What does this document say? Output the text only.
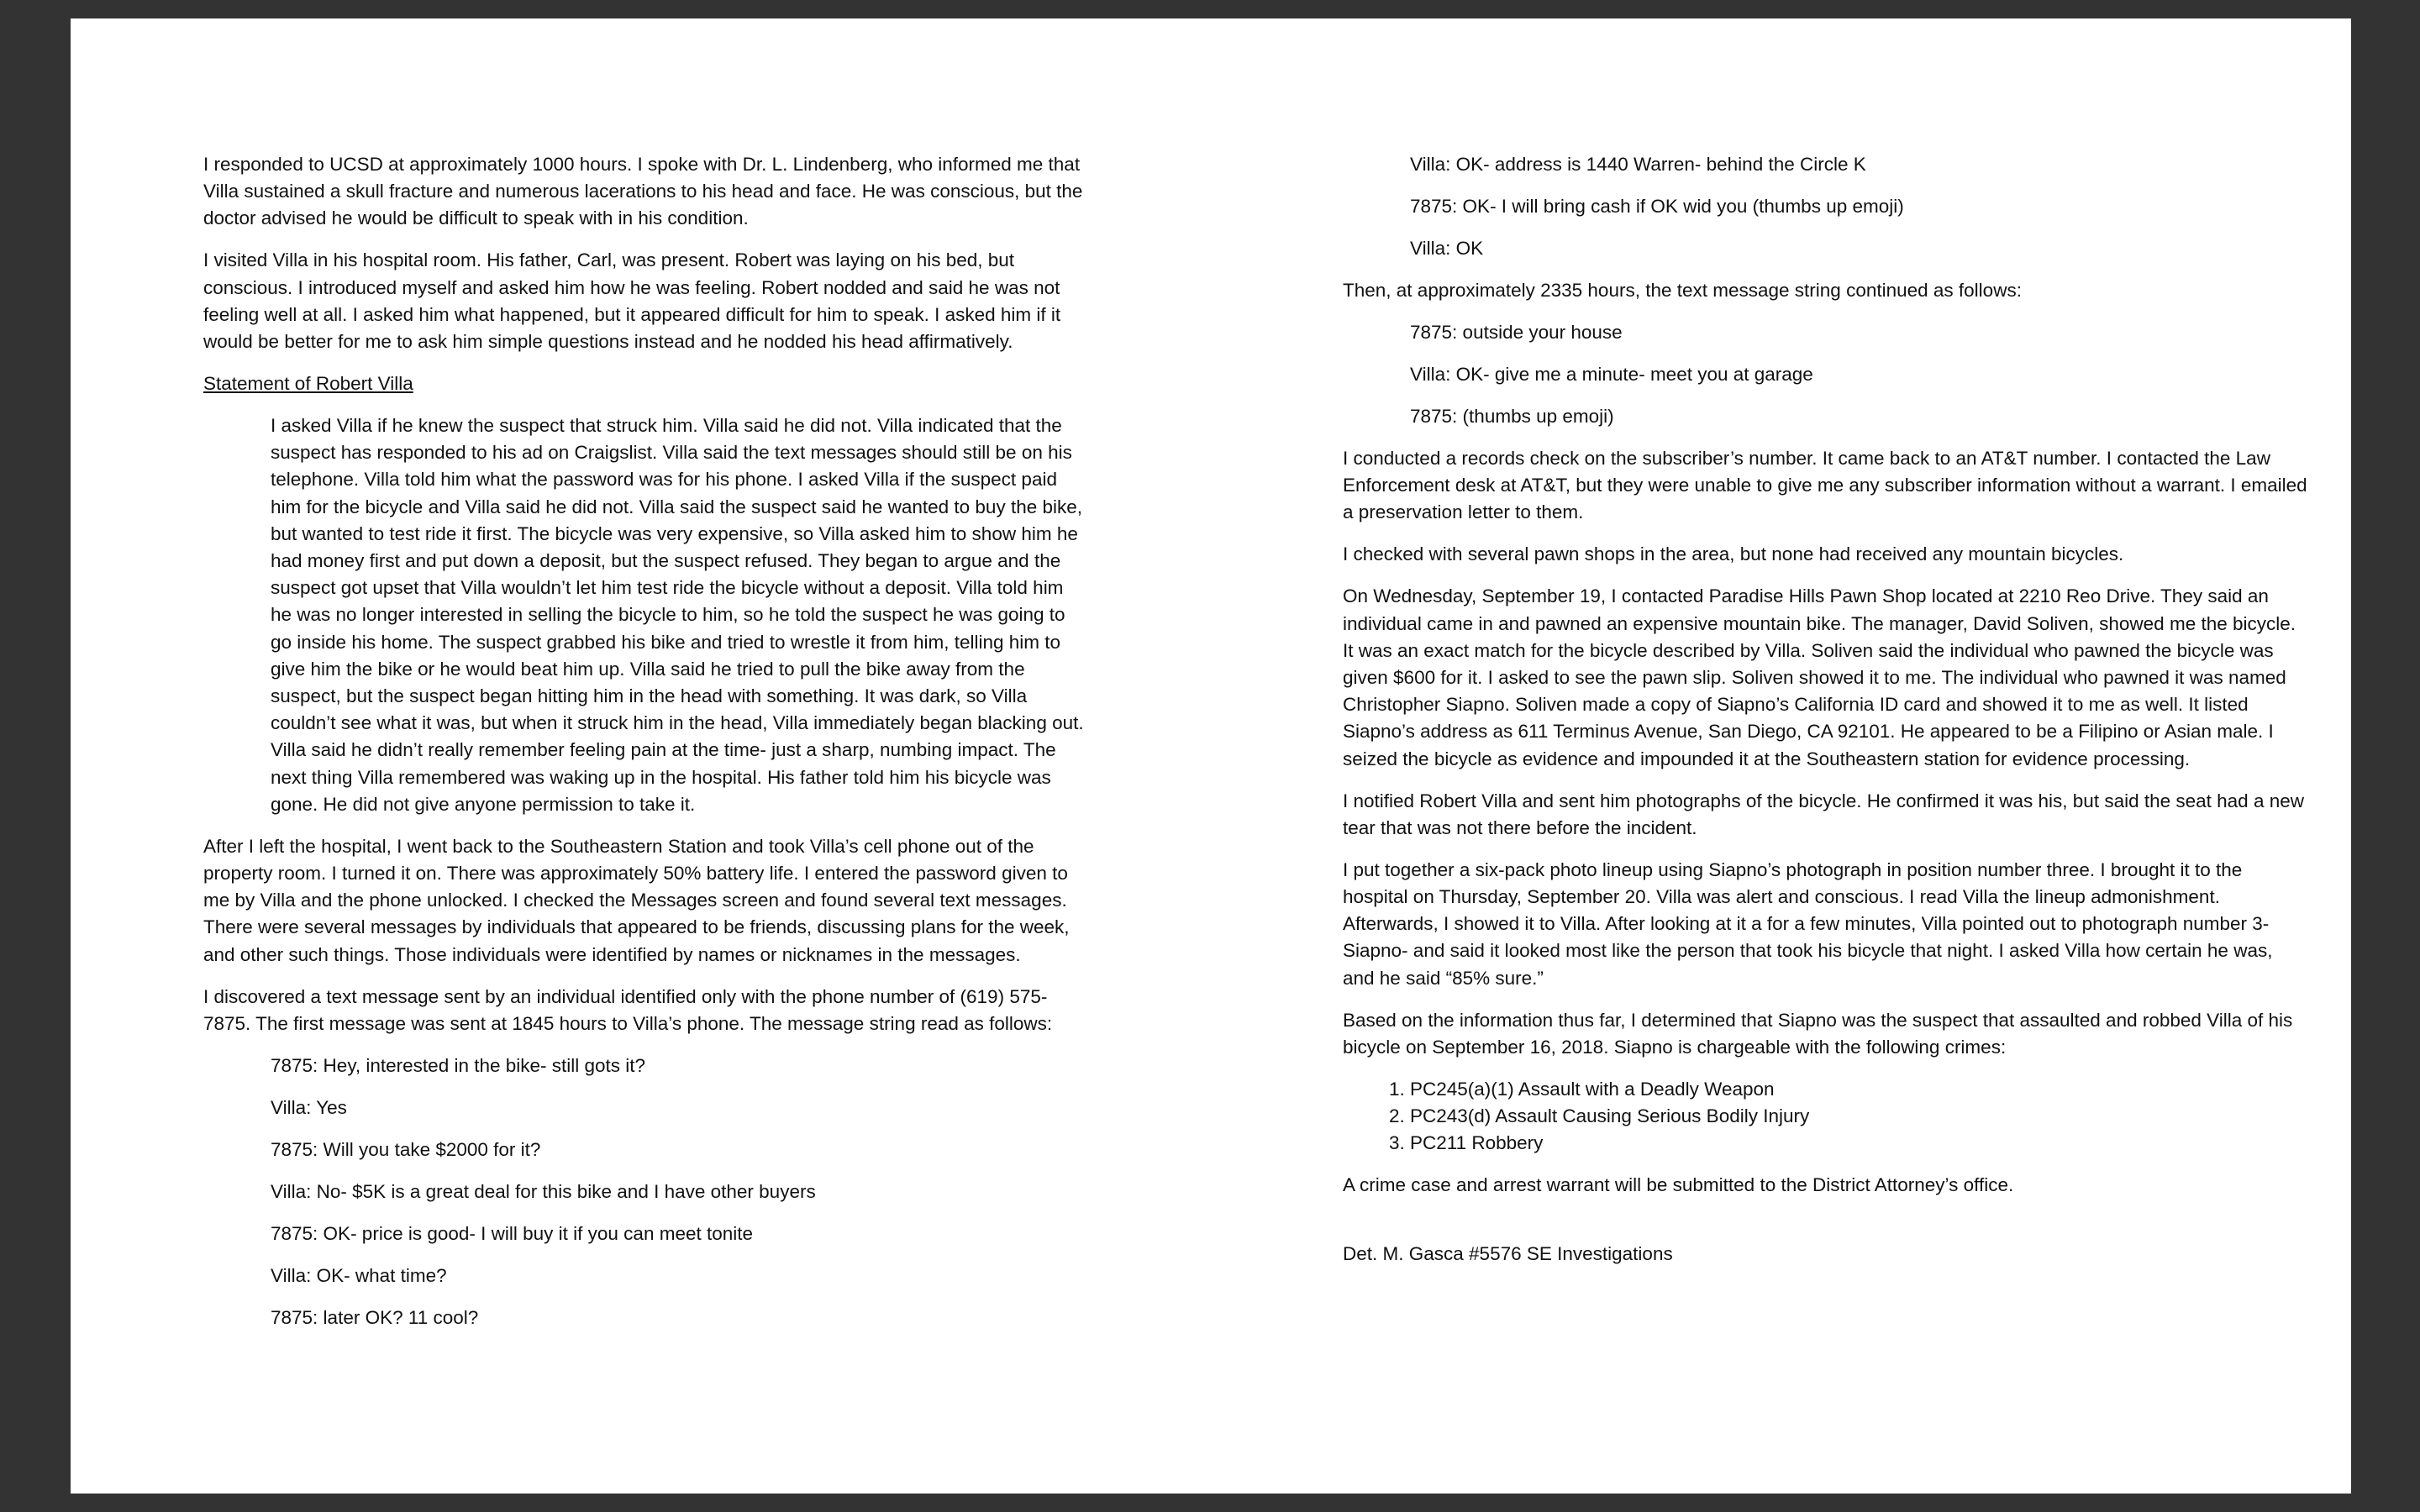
I responded to UCSD at approximately 1000 hours. I spoke with Dr. L. Lindenberg, who informed me that Villa sustained a skull fracture and numerous lacerations to his head and face. He was conscious, but the doctor advised he would be difficult to speak with in his condition.

I visited Villa in his hospital room. His father, Carl, was present. Robert was laying on his bed, but conscious. I introduced myself and asked him how he was feeling. Robert nodded and said he was not feeling well at all. I asked him what happened, but it appeared difficult for him to speak. I asked him if it would be better for me to ask him simple questions instead and he nodded his head affirmatively.

Statement of Robert Villa

I asked Villa if he knew the suspect that struck him. Villa said he did not. Villa indicated that the suspect has responded to his ad on Craigslist. Villa said the text messages should still be on his telephone. Villa told him what the password was for his phone. I asked Villa if the suspect paid him for the bicycle and Villa said he did not. Villa said the suspect said he wanted to buy the bike, but wanted to test ride it first. The bicycle was very expensive, so Villa asked him to show him he had money first and put down a deposit, but the suspect refused. They began to argue and the suspect got upset that Villa wouldn’t let him test ride the bicycle without a deposit. Villa told him he was no longer interested in selling the bicycle to him, so he told the suspect he was going to go inside his home. The suspect grabbed his bike and tried to wrestle it from him, telling him to give him the bike or he would beat him up. Villa said he tried to pull the bike away from the suspect, but the suspect began hitting him in the head with something. It was dark, so Villa couldn’t see what it was, but when it struck him in the head, Villa immediately began blacking out. Villa said he didn’t really remember feeling pain at the time- just a sharp, numbing impact. The next thing Villa remembered was waking up in the hospital. His father told him his bicycle was gone. He did not give anyone permission to take it.

After I left the hospital, I went back to the Southeastern Station and took Villa’s cell phone out of the property room. I turned it on. There was approximately 50% battery life. I entered the password given to me by Villa and the phone unlocked. I checked the Messages screen and found several text messages. There were several messages by individuals that appeared to be friends, discussing plans for the week, and other such things. Those individuals were identified by names or nicknames in the messages.

I discovered a text message sent by an individual identified only with the phone number of (619) 575-7875. The first message was sent at 1845 hours to Villa’s phone. The message string read as follows:

7875: Hey, interested in the bike- still gots it?

Villa: Yes

7875: Will you take $2000 for it?

Villa: No- $5K is a great deal for this bike and I have other buyers

7875: OK- price is good- I will buy it if you can meet tonite

Villa: OK- what time?

7875: later OK? 11 cool?

Villa: OK- address is 1440 Warren- behind the Circle K

7875: OK- I will bring cash if OK wid you (thumbs up emoji)

Villa: OK

Then, at approximately 2335 hours, the text message string continued as follows:

7875: outside your house

Villa: OK- give me a minute- meet you at garage

7875: (thumbs up emoji)

I conducted a records check on the subscriber’s number. It came back to an AT&T number. I contacted the Law Enforcement desk at AT&T, but they were unable to give me any subscriber information without a warrant. I emailed a preservation letter to them.

I checked with several pawn shops in the area, but none had received any mountain bicycles.

On Wednesday, September 19, I contacted Paradise Hills Pawn Shop located at 2210 Reo Drive. They said an individual came in and pawned an expensive mountain bike. The manager, David Soliven, showed me the bicycle. It was an exact match for the bicycle described by Villa. Soliven said the individual who pawned the bicycle was given $600 for it. I asked to see the pawn slip. Soliven showed it to me. The individual who pawned it was named Christopher Siapno. Soliven made a copy of Siapno’s California ID card and showed it to me as well. It listed Siapno’s address as 611 Terminus Avenue, San Diego, CA 92101. He appeared to be a Filipino or Asian male. I seized the bicycle as evidence and impounded it at the Southeastern station for evidence processing.

I notified Robert Villa and sent him photographs of the bicycle. He confirmed it was his, but said the seat had a new tear that was not there before the incident.

I put together a six-pack photo lineup using Siapno’s photograph in position number three. I brought it to the hospital on Thursday, September 20. Villa was alert and conscious. I read Villa the lineup admonishment. Afterwards, I showed it to Villa. After looking at it a for a few minutes, Villa pointed out to photograph number 3- Siapno- and said it looked most like the person that took his bicycle that night. I asked Villa how certain he was, and he said “85% sure.”

Based on the information thus far, I determined that Siapno was the suspect that assaulted and robbed Villa of his bicycle on September 16, 2018. Siapno is chargeable with the following crimes:

1. PC245(a)(1) Assault with a Deadly Weapon
2. PC243(d) Assault Causing Serious Bodily Injury
3. PC211 Robbery

A crime case and arrest warrant will be submitted to the District Attorney’s office.

Det. M. Gasca #5576 SE Investigations
